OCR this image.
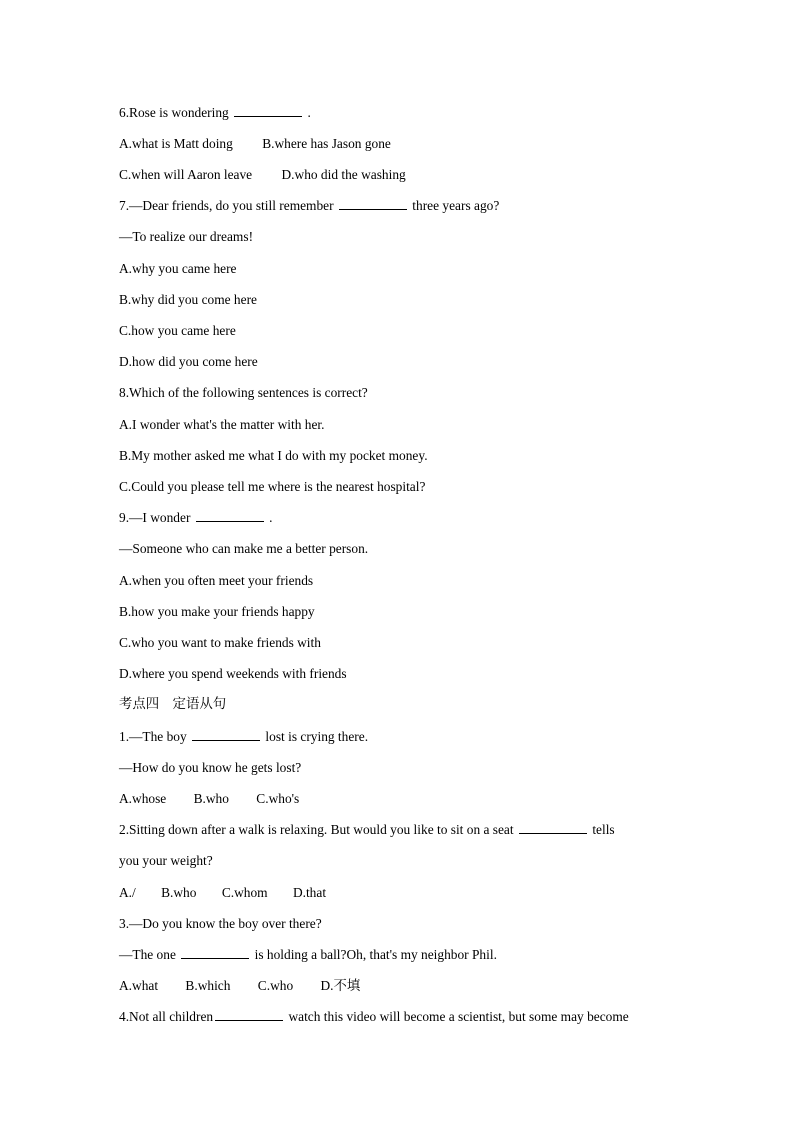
6.Rose is wondering	.
A.what is Matt doing B.where has Jason gone
C.when will Aaron leave D.who did the washing
7.—Dear friends, do you still remember	three years ago?
—To realize our dreams!
A.why you came here
B.why did you come here
C.how you came here
D.how did you come here
8.Which of the following sentences is correct?
A.I wonder what's the matter with her.
B.My mother asked me what I do with my pocket money.
C.Could you please tell me where is the nearest hospital?
9.—I wonder	.
—Someone who can make me a better person.
A.when you often meet your friends
B.how you make your friends happy
C.who you want to make friends with
D.where you spend weekends with friends
考点四　定语从句
1.—The boy	lost is crying there.
—How do you know he gets lost?
A.whose B.who C.who's
2.Sitting down after a walk is relaxing. But would you like to sit on a seat	tells
you your weight?
A./ B.who C.whom D.that
3.—Do you know the boy over there?
—The one	is holding a ball?Oh, that's my neighbor Phil.
A.what B.which C.who D.不填
4.Not all children	watch this video will become a scientist, but some may become
